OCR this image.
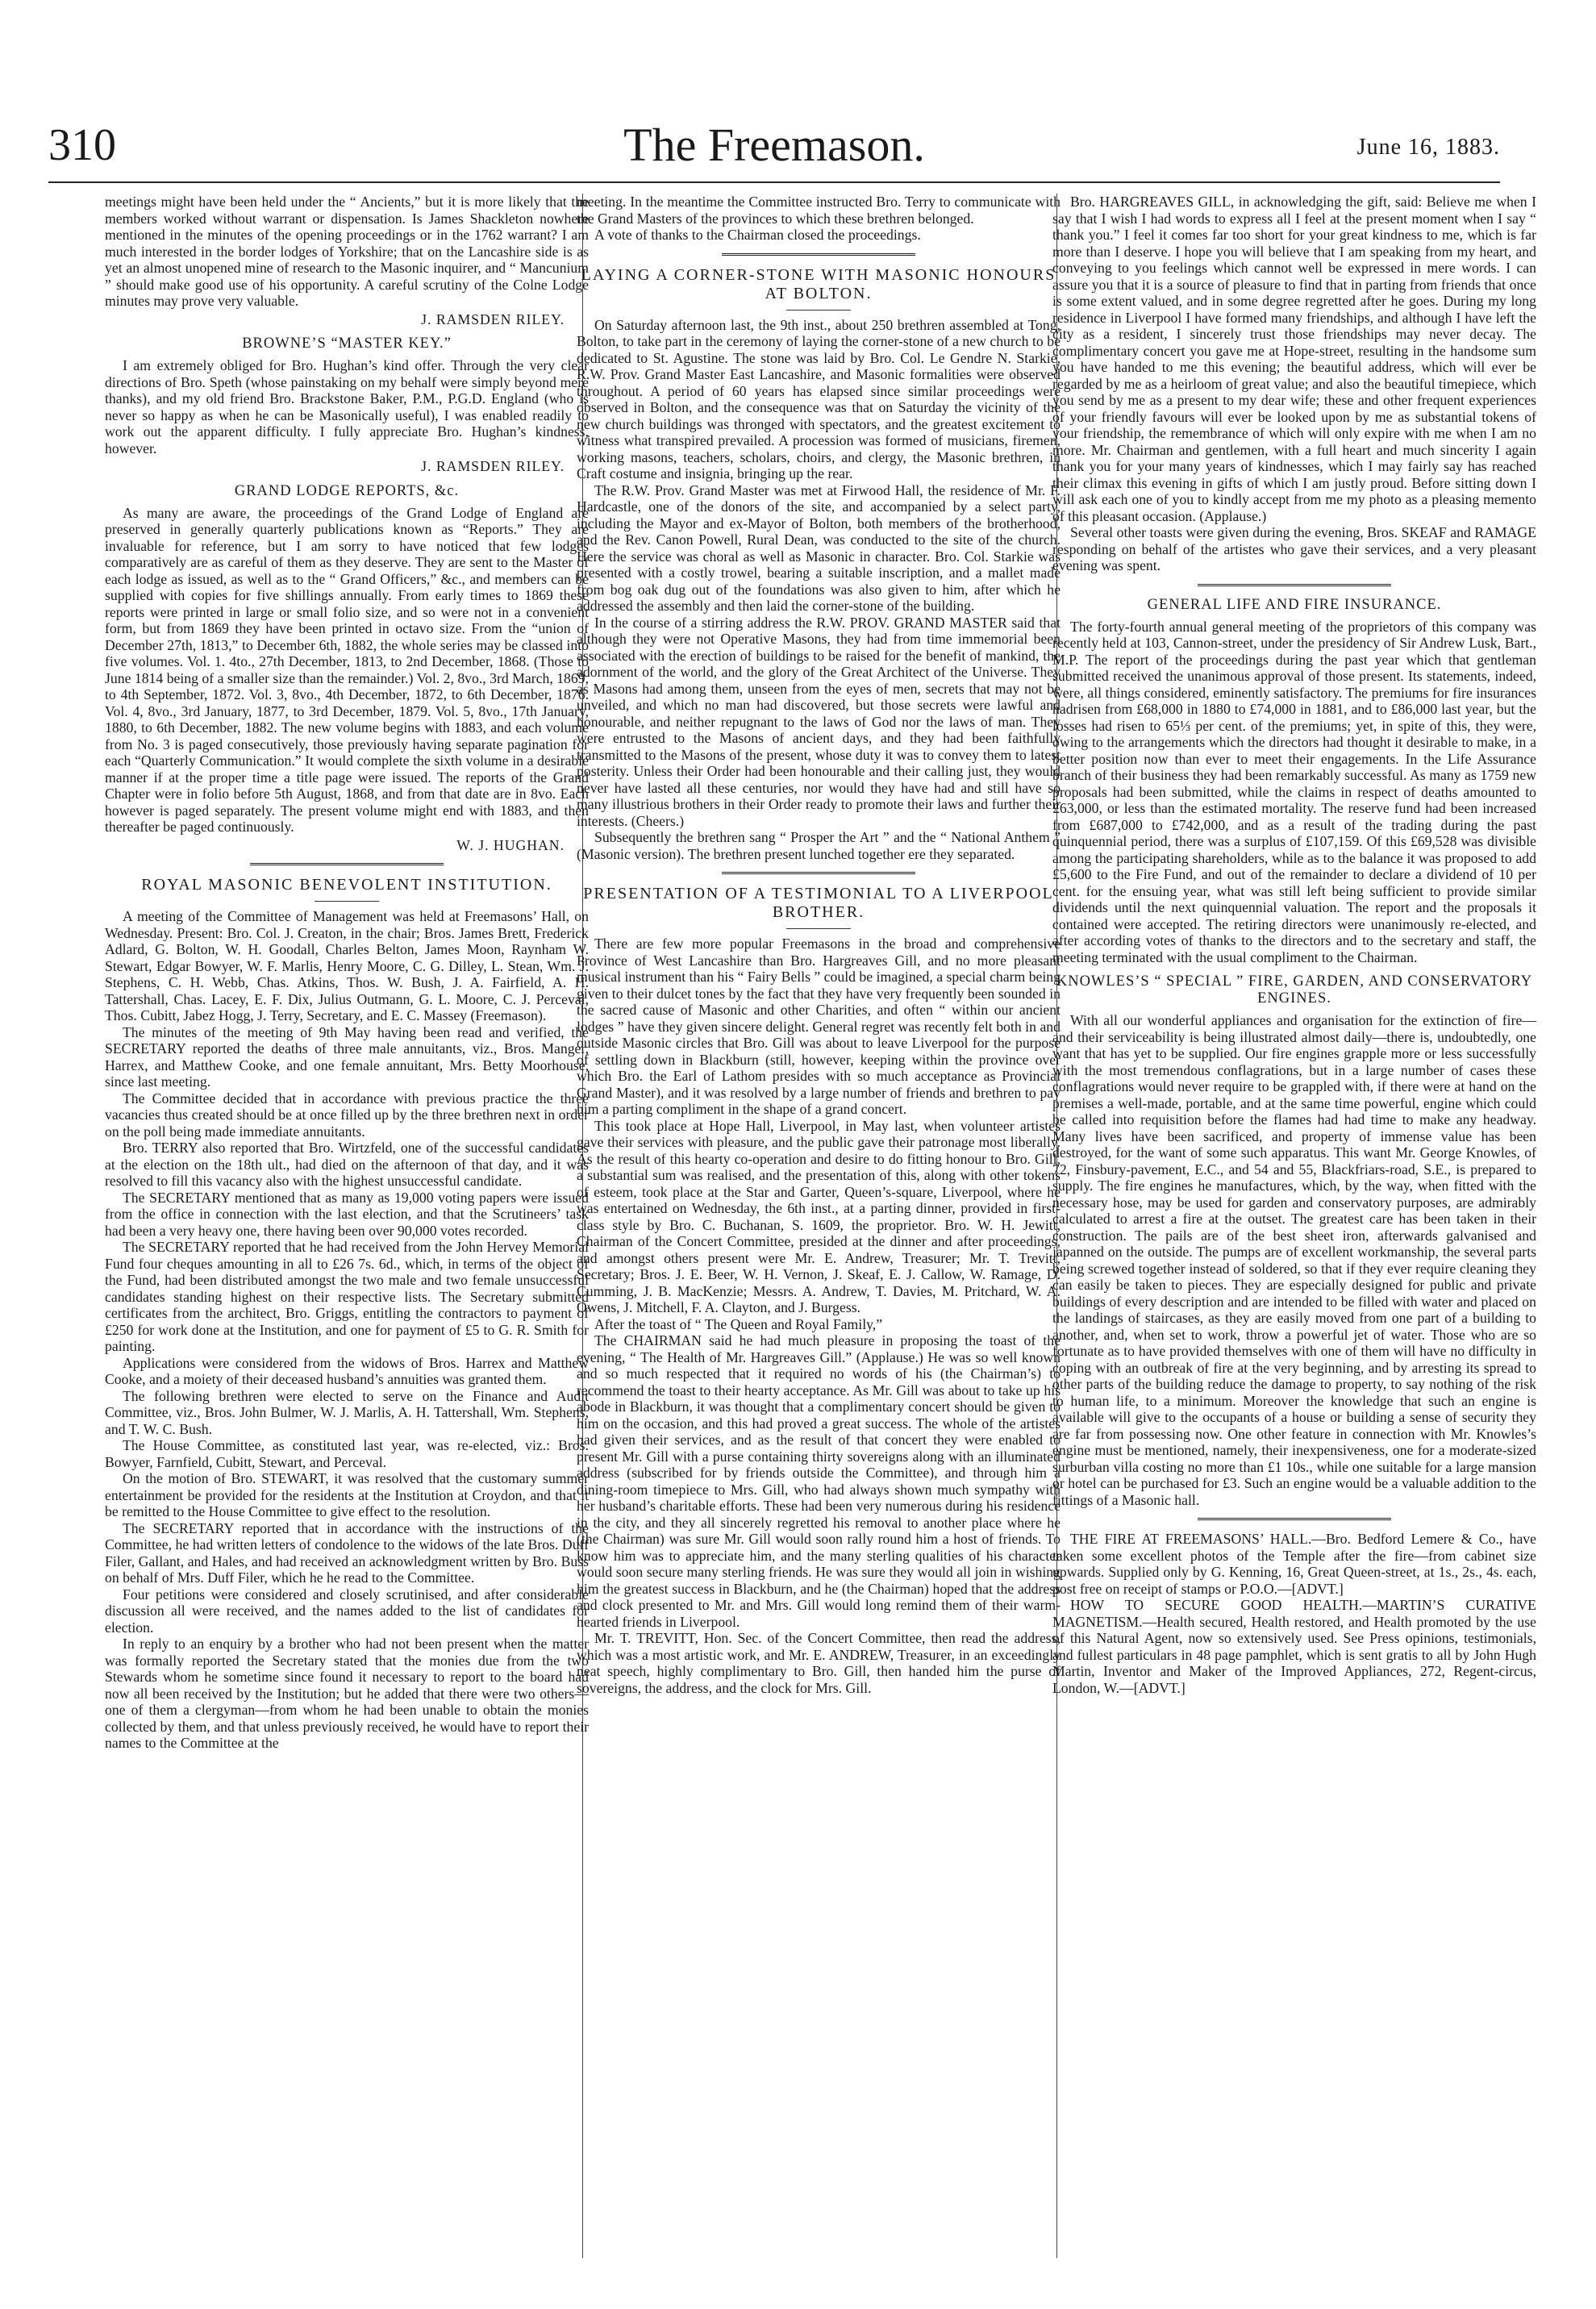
310	The Freemason.	June 16, 1883.

meetings might have been held under the “ Ancients,” but it is more likely that the members worked without warrant or dispensation. Is James Shackleton nowhere mentioned in the minutes of the opening proceedings or in the 1762 warrant? I am much interested in the border lodges of Yorkshire; that on the Lancashire side is as yet an almost unopened mine of research to the Masonic inquirer, and “ Mancunium ” should make good use of his opportunity. A careful scrutiny of the Colne Lodge minutes may prove very valuable.

J. RAMSDEN RILEY.
BROWNE’S “MASTER KEY.”

I am extremely obliged for Bro. Hughan’s kind offer. Through the very clear directions of Bro. Speth (whose painstaking on my behalf were simply beyond mere thanks), and my old friend Bro. Brackstone Baker, P.M., P.G.D. England (who is never so happy as when he can be Masonically useful), I was enabled readily to work out the apparent difficulty. I fully appreciate Bro. Hughan’s kindness, however.

J. RAMSDEN RILEY.
GRAND LODGE REPORTS, &c.

As many are aware, the proceedings of the Grand Lodge of England are preserved in generally quarterly publications known as “Reports.” They are invaluable for reference, but I am sorry to have noticed that few lodges comparatively are as careful of them as they deserve. They are sent to the Master of each lodge as issued, as well as to the “ Grand Officers,” &c., and members can be supplied with copies for five shillings annually. From early times to 1869 these reports were printed in large or small folio size, and so were not in a convenient form, but from 1869 they have been printed in octavo size. From the “union of December 27th, 1813,” to December 6th, 1882, the whole series may be classed into five volumes. Vol. 1. 4to., 27th December, 1813, to 2nd December, 1868. (Those to June 1814 being of a smaller size than the remainder.) Vol. 2, 8vo., 3rd March, 1869, to 4th September, 1872. Vol. 3, 8vo., 4th December, 1872, to 6th December, 1876. Vol. 4, 8vo., 3rd January, 1877, to 3rd December, 1879. Vol. 5, 8vo., 17th January, 1880, to 6th December, 1882. The new volume begins with 1883, and each volume from No. 3 is paged consecutively, those previously having separate pagination for each “Quarterly Communication.” It would complete the sixth volume in a desirable manner if at the proper time a title page were issued. The reports of the Grand Chapter were in folio before 5th August, 1868, and from that date are in 8vo. Each however is paged separately. The present volume might end with 1883, and then thereafter be paged continuously.

W. J. HUGHAN.
ROYAL MASONIC BENEVOLENT INSTITUTION.

A meeting of the Committee of Management was held at Freemasons’ Hall, on Wednesday. Present: Bro. Col. J. Creaton, in the chair; Bros. James Brett, Frederick Adlard, G. Bolton, W. H. Goodall, Charles Belton, James Moon, Raynham W. Stewart, Edgar Bowyer, W. F. Marlis, Henry Moore, C. G. Dilley, L. Stean, Wm. J. Stephens, C. H. Webb, Chas. Atkins, Thos. W. Bush, J. A. Fairfield, A. H. Tattershall, Chas. Lacey, E. F. Dix, Julius Outmann, G. L. Moore, C. J. Perceval, Thos. Cubitt, Jabez Hogg, J. Terry, Secretary, and E. C. Massey (Freemason).

The minutes of the meeting of 9th May having been read and verified, the SECRETARY reported the deaths of three male annuitants, viz., Bros. Manger, Harrex, and Matthew Cooke, and one female annuitant, Mrs. Betty Moorhouse, since last meeting.

The Committee decided that in accordance with previous practice the three vacancies thus created should be at once filled up by the three brethren next in order on the poll being made immediate annuitants.

Bro. TERRY also reported that Bro. Wirtzfeld, one of the successful candidates at the election on the 18th ult., had died on the afternoon of that day, and it was resolved to fill this vacancy also with the highest unsuccessful candidate.

The SECRETARY mentioned that as many as 19,000 voting papers were issued from the office in connection with the last election, and that the Scrutineers’ task had been a very heavy one, there having been over 90,000 votes recorded.

The SECRETARY reported that he had received from the John Hervey Memorial Fund four cheques amounting in all to £26 7s. 6d., which, in terms of the object of the Fund, had been distributed amongst the two male and two female unsuccessful candidates standing highest on their respective lists. The Secretary submitted certificates from the architect, Bro. Griggs, entitling the contractors to payment of £250 for work done at the Institution, and one for payment of £5 to G. R. Smith for painting.

Applications were considered from the widows of Bros. Harrex and Matthew Cooke, and a moiety of their deceased husband’s annuities was granted them.

The following brethren were elected to serve on the Finance and Audit Committee, viz., Bros. John Bulmer, W. J. Marlis, A. H. Tattershall, Wm. Stephens, and T. W. C. Bush.

The House Committee, as constituted last year, was re-elected, viz.: Bros. Bowyer, Farnfield, Cubitt, Stewart, and Perceval.

On the motion of Bro. STEWART, it was resolved that the customary summer entertainment be provided for the residents at the Institution at Croydon, and that it be remitted to the House Committee to give effect to the resolution.

The SECRETARY reported that in accordance with the instructions of the Committee, he had written letters of condolence to the widows of the late Bros. Duff Filer, Gallant, and Hales, and had received an acknowledgment written by Bro. Buss on behalf of Mrs. Duff Filer, which he he read to the Committee.

Four petitions were considered and closely scrutinised, and after considerable discussion all were received, and the names added to the list of candidates for election.

In reply to an enquiry by a brother who had not been present when the matter was formally reported the Secretary stated that the monies due from the two Stewards whom he sometime since found it necessary to report to the board had now all been received by the Institution; but he added that there were two others—one of them a clergyman—from whom he had been unable to obtain the monies collected by them, and that unless previously received, he would have to report their names to the Committee at the

meeting. In the meantime the Committee instructed Bro. Terry to communicate with the Grand Masters of the provinces to which these brethren belonged.

A vote of thanks to the Chairman closed the proceedings.

LAYING A CORNER-STONE WITH MASONIC HONOURS AT BOLTON.

On Saturday afternoon last, the 9th inst., about 250 brethren assembled at Tong, Bolton, to take part in the ceremony of laying the corner-stone of a new church to be dedicated to St. Agustine. The stone was laid by Bro. Col. Le Gendre N. Starkie, R.W. Prov. Grand Master East Lancashire, and Masonic formalities were observed throughout. A period of 60 years has elapsed since similar proceedings were observed in Bolton, and the consequence was that on Saturday the vicinity of the new church buildings was thronged with spectators, and the greatest excitement to witness what transpired prevailed. A procession was formed of musicians, firemen, working masons, teachers, scholars, choirs, and clergy, the Masonic brethren, in Craft costume and insignia, bringing up the rear.

The R.W. Prov. Grand Master was met at Firwood Hall, the residence of Mr. F. Hardcastle, one of the donors of the site, and accompanied by a select party, including the Mayor and ex-Mayor of Bolton, both members of the brotherhood, and the Rev. Canon Powell, Rural Dean, was conducted to the site of the church. Here the service was choral as well as Masonic in character. Bro. Col. Starkie was presented with a costly trowel, bearing a suitable inscription, and a mallet made from bog oak dug out of the foundations was also given to him, after which he addressed the assembly and then laid the corner-stone of the building.

In the course of a stirring address the R.W. PROV. GRAND MASTER said that although they were not Operative Masons, they had from time immemorial been associated with the erection of buildings to be raised for the benefit of mankind, the adornment of the world, and the glory of the Great Architect of the Universe. They as Masons had among them, unseen from the eyes of men, secrets that may not be unveiled, and which no man had discovered, but those secrets were lawful and honourable, and neither repugnant to the laws of God nor the laws of man. They were entrusted to the Masons of ancient days, and they had been faithfully transmitted to the Masons of the present, whose duty it was to convey them to latest posterity. Unless their Order had been honourable and their calling just, they would never have lasted all these centuries, nor would they have had and still have so many illustrious brothers in their Order ready to promote their laws and further their interests. (Cheers.)

Subsequently the brethren sang “ Prosper the Art ” and the “ National Anthem ” (Masonic version). The brethren present lunched together ere they separated.

PRESENTATION OF A TESTIMONIAL TO A LIVERPOOL BROTHER.

There are few more popular Freemasons in the broad and comprehensive Province of West Lancashire than Bro. Hargreaves Gill, and no more pleasant musical instrument than his “ Fairy Bells ” could be imagined, a special charm being given to their dulcet tones by the fact that they have very frequently been sounded in the sacred cause of Masonic and other Charities, and often “ within our ancient lodges ” have they given sincere delight. General regret was recently felt both in and outside Masonic circles that Bro. Gill was about to leave Liverpool for the purpose of settling down in Blackburn (still, however, keeping within the province over which Bro. the Earl of Lathom presides with so much acceptance as Provincial Grand Master), and it was resolved by a large number of friends and brethren to pay him a parting compliment in the shape of a grand concert.

This took place at Hope Hall, Liverpool, in May last, when volunteer artistes gave their services with pleasure, and the public gave their patronage most liberally. As the result of this hearty co-operation and desire to do fitting honour to Bro. Gill, a substantial sum was realised, and the presentation of this, along with other tokens of esteem, took place at the Star and Garter, Queen’s-square, Liverpool, where he was entertained on Wednesday, the 6th inst., at a parting dinner, provided in first-class style by Bro. C. Buchanan, S. 1609, the proprietor. Bro. W. H. Jewitt, Chairman of the Concert Committee, presided at the dinner and after proceedings, and amongst others present were Mr. E. Andrew, Treasurer; Mr. T. Trevitt, Secretary; Bros. J. E. Beer, W. H. Vernon, J. Skeaf, E. J. Callow, W. Ramage, D. Cumming, J. B. MacKenzie; Messrs. A. Andrew, T. Davies, M. Pritchard, W. A. Owens, J. Mitchell, F. A. Clayton, and J. Burgess.

After the toast of “ The Queen and Royal Family,”

The CHAIRMAN said he had much pleasure in proposing the toast of the evening, “ The Health of Mr. Hargreaves Gill.” (Applause.) He was so well known and so much respected that it required no words of his (the Chairman’s) to recommend the toast to their hearty acceptance. As Mr. Gill was about to take up his abode in Blackburn, it was thought that a complimentary concert should be given to him on the occasion, and this had proved a great success. The whole of the artistes had given their services, and as the result of that concert they were enabled to present Mr. Gill with a purse containing thirty sovereigns along with an illuminated address (subscribed for by friends outside the Committee), and through him a dining-room timepiece to Mrs. Gill, who had always shown much sympathy with her husband’s charitable efforts. These had been very numerous during his residence in the city, and they all sincerely regretted his removal to another place where he (the Chairman) was sure Mr. Gill would soon rally round him a host of friends. To know him was to appreciate him, and the many sterling qualities of his character would soon secure many sterling friends. He was sure they would all join in wishing him the greatest success in Blackburn, and he (the Chairman) hoped that the address and clock presented to Mr. and Mrs. Gill would long remind them of their warm-hearted friends in Liverpool.

Mr. T. TREVITT, Hon. Sec. of the Concert Committee, then read the address, which was a most artistic work, and Mr. E. ANDREW, Treasurer, in an exceedingly neat speech, highly complimentary to Bro. Gill, then handed him the purse of sovereigns, the address, and the clock for Mrs. Gill.

Bro. HARGREAVES GILL, in acknowledging the gift, said: Believe me when I say that I wish I had words to express all I feel at the present moment when I say “ thank you.” I feel it comes far too short for your great kindness to me, which is far more than I deserve. I hope you will believe that I am speaking from my heart, and conveying to you feelings which cannot well be expressed in mere words. I can assure you that it is a source of pleasure to find that in parting from friends that once is some extent valued, and in some degree regretted after he goes. During my long residence in Liverpool I have formed many friendships, and although I have left the city as a resident, I sincerely trust those friendships may never decay. The complimentary concert you gave me at Hope-street, resulting in the handsome sum you have handed to me this evening; the beautiful address, which will ever be regarded by me as a heirloom of great value; and also the beautiful timepiece, which you send by me as a present to my dear wife; these and other frequent experiences of your friendly favours will ever be looked upon by me as substantial tokens of your friendship, the remembrance of which will only expire with me when I am no more. Mr. Chairman and gentlemen, with a full heart and much sincerity I again thank you for your many years of kindnesses, which I may fairly say has reached their climax this evening in gifts of which I am justly proud. Before sitting down I will ask each one of you to kindly accept from me my photo as a pleasing memento of this pleasant occasion. (Applause.)

Several other toasts were given during the evening, Bros. SKEAF and RAMAGE responding on behalf of the artistes who gave their services, and a very pleasant evening was spent.

GENERAL LIFE AND FIRE INSURANCE.

The forty-fourth annual general meeting of the proprietors of this company was recently held at 103, Cannon-street, under the presidency of Sir Andrew Lusk, Bart., M.P. The report of the proceedings during the past year which that gentleman submitted received the unanimous approval of those present. Its statements, indeed, were, all things considered, eminently satisfactory. The premiums for fire insurances hadrisen from £68,000 in 1880 to £74,000 in 1881, and to £86,000 last year, but the losses had risen to 65⅓ per cent. of the premiums; yet, in spite of this, they were, owing to the arrangements which the directors had thought it desirable to make, in a better position now than ever to meet their engagements. In the Life Assurance branch of their business they had been remarkably successful. As many as 1759 new proposals had been submitted, while the claims in respect of deaths amounted to £63,000, or less than the estimated mortality. The reserve fund had been increased from £687,000 to £742,000, and as a result of the trading during the past quinquennial period, there was a surplus of £107,159. Of this £69,528 was divisible among the participating shareholders, while as to the balance it was proposed to add £5,600 to the Fire Fund, and out of the remainder to declare a dividend of 10 per cent. for the ensuing year, what was still left being sufficient to provide similar dividends until the next quinquennial valuation. The report and the proposals it contained were accepted. The retiring directors were unanimously re-elected, and after according votes of thanks to the directors and to the secretary and staff, the meeting terminated with the usual compliment to the Chairman.

KNOWLES’S “ SPECIAL ” FIRE, GARDEN, AND CONSERVATORY ENGINES.

With all our wonderful appliances and organisation for the extinction of fire—and their serviceability is being illustrated almost daily—there is, undoubtedly, one want that has yet to be supplied. Our fire engines grapple more or less successfully with the most tremendous conflagrations, but in a large number of cases these conflagrations would never require to be grappled with, if there were at hand on the premises a well-made, portable, and at the same time powerful, engine which could be called into requisition before the flames had had time to make any headway. Many lives have been sacrificed, and property of immense value has been destroyed, for the want of some such apparatus. This want Mr. George Knowles, of 72, Finsbury-pavement, E.C., and 54 and 55, Blackfriars-road, S.E., is prepared to supply. The fire engines he manufactures, which, by the way, when fitted with the necessary hose, may be used for garden and conservatory purposes, are admirably calculated to arrest a fire at the outset. The greatest care has been taken in their construction. The pails are of the best sheet iron, afterwards galvanised and japanned on the outside. The pumps are of excellent workmanship, the several parts being screwed together instead of soldered, so that if they ever require cleaning they can easily be taken to pieces. They are especially designed for public and private buildings of every description and are intended to be filled with water and placed on the landings of staircases, as they are easily moved from one part of a building to another, and, when set to work, throw a powerful jet of water. Those who are so fortunate as to have provided themselves with one of them will have no difficulty in coping with an outbreak of fire at the very beginning, and by arresting its spread to other parts of the building reduce the damage to property, to say nothing of the risk to human life, to a minimum. Moreover the knowledge that such an engine is available will give to the occupants of a house or building a sense of security they are far from possessing now. One other feature in connection with Mr. Knowles’s engine must be mentioned, namely, their inexpensiveness, one for a moderate-sized surburban villa costing no more than £1 10s., while one suitable for a large mansion or hotel can be purchased for £3. Such an engine would be a valuable addition to the fittings of a Masonic hall.

THE FIRE AT FREEMASONS’ HALL.—Bro. Bedford Lemere & Co., have taken some excellent photos of the Temple after the fire—from cabinet size upwards. Supplied only by G. Kenning, 16, Great Queen-street, at 1s., 2s., 4s. each, post free on receipt of stamps or P.O.O.—[ADVT.]

HOW TO SECURE GOOD HEALTH.—MARTIN’S CURATIVE MAGNETISM.—Health secured, Health restored, and Health promoted by the use of this Natural Agent, now so extensively used. See Press opinions, testimonials, and fullest particulars in 48 page pamphlet, which is sent gratis to all by John Hugh Martin, Inventor and Maker of the Improved Appliances, 272, Regent-circus, London, W.—[ADVT.]
